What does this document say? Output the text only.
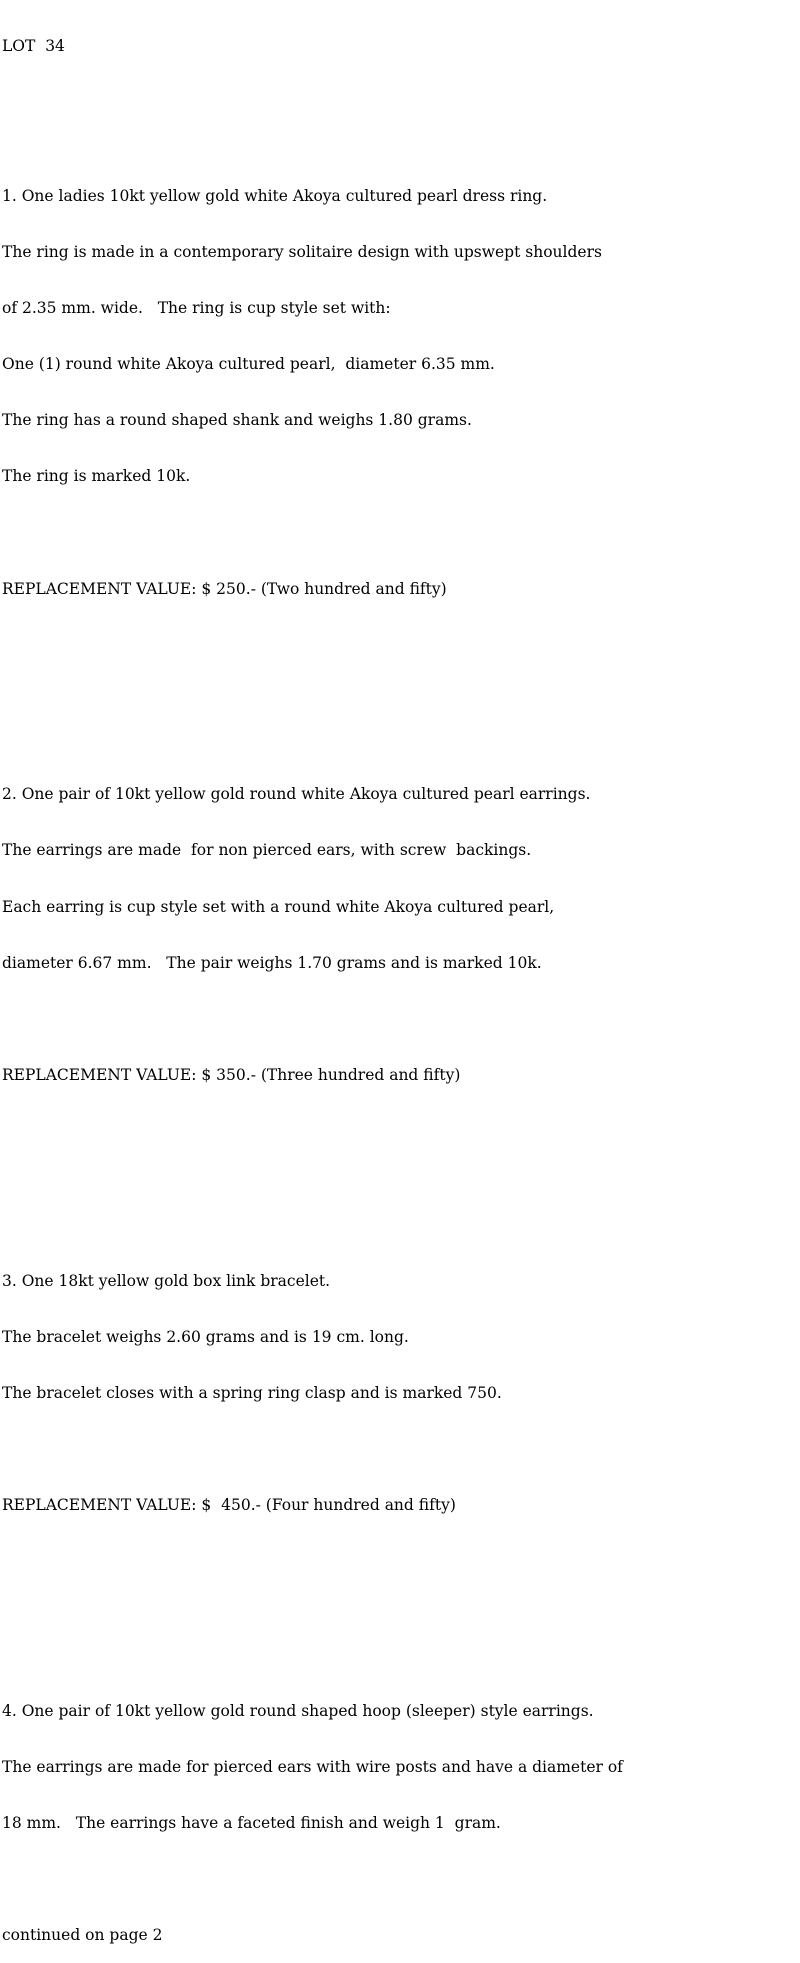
LOT  34

1. One ladies 10kt yellow gold white Akoya cultured pearl dress ring.

The ring is made in a contemporary solitaire design with upswept shoulders

of 2.35 mm. wide.   The ring is cup style set with:

One (1) round white Akoya cultured pearl,  diameter 6.35 mm.

The ring has a round shaped shank and weighs 1.80 grams.

The ring is marked 10k.

REPLACEMENT VALUE: $ 250.- (Two hundred and fifty)

2. One pair of 10kt yellow gold round white Akoya cultured pearl earrings.

The earrings are made  for non pierced ears, with screw  backings.

Each earring is cup style set with a round white Akoya cultured pearl,

diameter 6.67 mm.   The pair weighs 1.70 grams and is marked 10k.

REPLACEMENT VALUE: $ 350.- (Three hundred and fifty)

3. One 18kt yellow gold box link bracelet.

The bracelet weighs 2.60 grams and is 19 cm. long.

The bracelet closes with a spring ring clasp and is marked 750.

REPLACEMENT VALUE: $  450.- (Four hundred and fifty)

4. One pair of 10kt yellow gold round shaped hoop (sleeper) style earrings.

The earrings are made for pierced ears with wire posts and have a diameter of

18 mm.   The earrings have a faceted finish and weigh 1  gram.

continued on page 2
